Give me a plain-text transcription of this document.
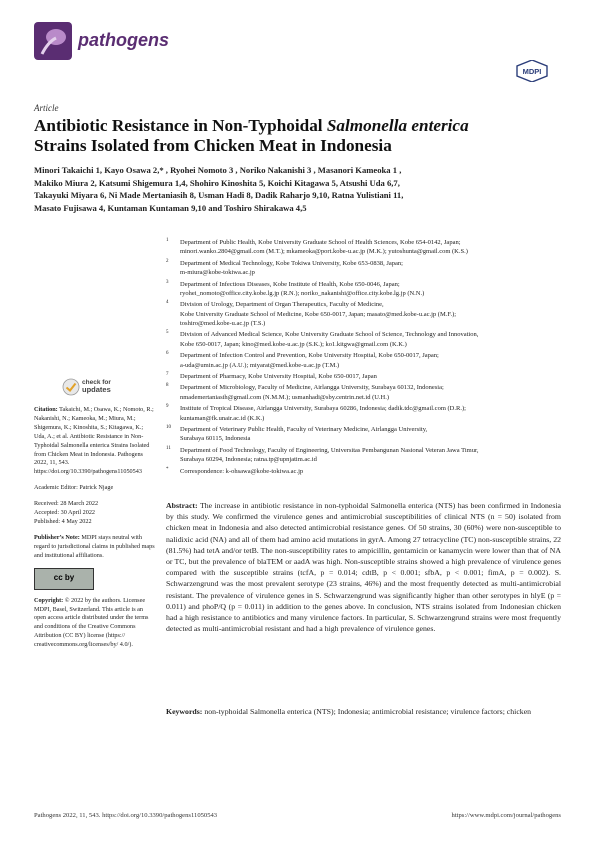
pathogens
MDPI
Article
Antibiotic Resistance in Non-Typhoidal Salmonella enterica
Strains Isolated from Chicken Meat in Indonesia

Minori Takaichi 1, Kayo Osawa 2,* , Ryohei Nomoto 3 , Noriko Nakanishi 3 , Masanori Kameoka 1 ,

Makiko Miura 2, Katsumi Shigemura 1,4, Shohiro Kinoshita 5, Koichi Kitagawa 5, Atsushi Uda 6,7,

Takayuki Miyara 6, Ni Made Mertaniasih 8, Usman Hadi 8, Dadik Raharjo 9,10, Ratna Yulistiani 11,

Masato Fujisawa 4, Kuntaman Kuntaman 9,10 and Toshiro Shirakawa 4,5

1 Department of Public Health, Kobe University Graduate School of Health Sciences, Kobe 654-0142, Japan;
minori.wanko.2804@gmail.com (M.T.); mkameoka@port.kobe-u.ac.jp (M.K.); yutoshunta@gmail.com (K.S.)
2 Department of Medical Technology, Kobe Tokiwa University, Kobe 653-0838, Japan;
m-miura@kobe-tokiwa.ac.jp
3 Department of Infectious Diseases, Kobe Institute of Health, Kobe 650-0046, Japan;
ryohei_nomoto@office.city.kobe.lg.jp (R.N.); noriko_nakanishi@office.city.kobe.lg.jp (N.N.)
4 Division of Urology, Department of Organ Therapeutics, Faculty of Medicine,
Kobe University Graduate School of Medicine, Kobe 650-0017, Japan; masato@med.kobe-u.ac.jp (M.F.);
toshiro@med.kobe-u.ac.jp (T.S.)
5 Division of Advanced Medical Science, Kobe University Graduate School of Science, Technology and Innovation,
Kobe 650-0017, Japan; kino@med.kobe-u.ac.jp (S.K.); ko1.kitgwa@gmail.com (K.K.)
6 Department of Infection Control and Prevention, Kobe University Hospital, Kobe 650-0017, Japan;
a-uda@umin.ac.jp (A.U.); miyarat@med.kobe-u.ac.jp (T.M.)
7 Department of Pharmacy, Kobe University Hospital, Kobe 650-0017, Japan
8 Department of Microbiology, Faculty of Medicine, Airlangga University, Surabaya 60132, Indonesia;
nmademertaniasih@gmail.com (N.M.M.); usmanhadi@sby.centrin.net.id (U.H.)
9 Institute of Tropical Disease, Airlangga University, Surabaya 60286, Indonesia; dadik.tdc@gmail.com (D.R.);
kuntaman@fk.unair.ac.id (K.K.)
10 Department of Veterinary Public Health, Faculty of Veterinary Medicine, Airlangga University,
Surabaya 60115, Indonesia
11 Department of Food Technology, Faculty of Engineering, Universitas Pembangunan Nasional Veteran Jawa Timur,
Surabaya 60294, Indonesia; ratna.tp@upnjatim.ac.id
* Correspondence: k-ohsawa@kobe-tokiwa.ac.jp
check for
updates
Citation: Takaichi, M.; Osawa, K.; Nomoto, R.; Nakanishi, N.; Kameoka, M.; Miura, M.; Shigemura, K.; Kinoshita, S.; Kitagawa, K.; Uda, A.; et al. Antibiotic Resistance in Non-Typhoidal Salmonella enterica Strains Isolated from Chicken Meat in Indonesia. Pathogens 2022, 11, 543. https://doi.org/10.3390/pathogens11050543
Academic Editor: Patrick Njage
Received: 28 March 2022
Accepted: 30 April 2022
Published: 4 May 2022
Publisher’s Note: MDPI stays neutral with regard to jurisdictional claims in published maps and institutional affiliations.
cc by
Copyright: © 2022 by the authors. Licensee MDPI, Basel, Switzerland. This article is an open access article distributed under the terms and conditions of the Creative Commons Attribution (CC BY) license (https:// creativecommons.org/licenses/by/ 4.0/).

Abstract: The increase in antibiotic resistance in non-typhoidal Salmonella enterica (NTS) has been confirmed in Indonesia by this study. We confirmed the virulence genes and antimicrobial susceptibilities of clinical NTS (n = 50) isolated from chicken meat in Indonesia and also detected antimicrobial resistance genes. Of 50 strains, 30 (60%) were non-susceptible to nalidixic acid (NA) and all of them had amino acid mutations in gyrA. Among 27 tetracycline (TC) non-susceptible strains, 22 (81.5%) had tetA and/or tetB. The non-susceptibility rates to ampicillin, gentamicin or kanamycin were lower than that of NA or TC, but the prevalence of blaTEM or aadA was high. Non-susceptible strains showed a high prevalence of virulence genes compared with the susceptible strains (tcfA, p = 0.014; cdtB, p < 0.001; sfbA, p < 0.001; fimA, p = 0.002). S. Schwarzengrund was the most prevalent serotype (23 strains, 46%) and the most frequently detected as multi-antimicrobial resistant. The prevalence of virulence genes in S. Schwarzengrund was significantly higher than other serotypes in hlyE (p = 0.011) and phoP/Q (p = 0.011) in addition to the genes above. In conclusion, NTS strains isolated from Indonesian chicken had a high resistance to antibiotics and many virulence factors. In particular, S. Schwarzengrund strains were most frequently detected as multi-antimicrobial resistant and had a high prevalence of virulence genes.

Keywords: non-typhoidal Salmonella enterica (NTS); Indonesia; antimicrobial resistance; virulence factors; chicken
Pathogens 2022, 11, 543. https://doi.org/10.3390/pathogens11050543	https://www.mdpi.com/journal/pathogens
